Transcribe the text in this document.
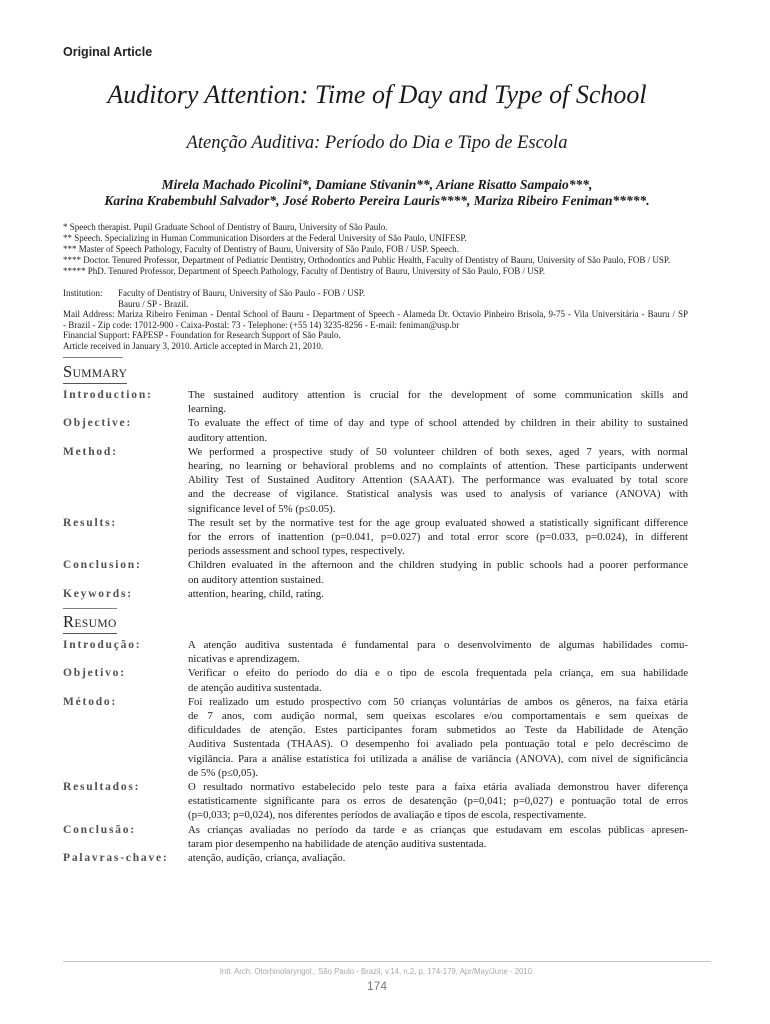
Original Article
Auditory Attention: Time of Day and Type of School
Atenção Auditiva: Período do Dia e Tipo de Escola
Mirela Machado Picolini*, Damiane Stivanin**, Ariane Risatto Sampaio***,
Karina Krabembuhl Salvador*, José Roberto Pereira Lauris****, Mariza Ribeiro Feniman*****.
* Speech therapist. Pupil Graduate School of Dentistry of Bauru, University of São Paulo.
** Speech. Specializing in Human Communication Disorders at the Federal University of São Paulo, UNIFESP.
*** Master of Speech Pathology, Faculty of Dentistry of Bauru, University of São Paulo, FOB / USP. Speech.
**** Doctor. Tenured Professor, Department of Pediatric Dentistry, Orthodontics and Public Health, Faculty of Dentistry of Bauru, University of São Paulo, FOB / USP.
***** PhD. Tenured Professor, Department of Speech Pathology, Faculty of Dentistry of Bauru, University of São Paulo, FOB / USP.
Institution:	Faculty of Dentistry of Bauru, University of São Paulo - FOB / USP.
Bauru / SP - Brazil.
Mail Address: Mariza Ribeiro Feniman - Dental School of Bauru - Department of Speech - Alameda Dr. Octavio Pinheiro Brisola, 9-75 - Vila Universitária - Bauru / SP
- Brazil - Zip code: 17012-900 - Caixa-Postal: 73 - Telephone: (+55 14) 3235-8256 - E-mail: feniman@usp.br
Financial Support: FAPESP - Foundation for Research Support of São Paulo.
Article received in January 3, 2010. Article accepted in March 21, 2010.
SUMMARY
Introduction:	The sustained auditory attention is crucial for the development of some communication skills and
learning.
Objective:	To evaluate the effect of time of day and type of school attended by children in their ability to sustained
auditory attention.
Method:	We performed a prospective study of 50 volunteer children of both sexes, aged 7 years, with normal
hearing, no learning or behavioral problems and no complaints of attention. These participants underwent
Ability Test of Sustained Auditory Attention (SAAAT). The performance was evaluated by total score
and the decrease of vigilance. Statistical analysis was used to analysis of variance (ANOVA) with
significance level of 5% (p≤0.05).
Results:	The result set by the normative test for the age group evaluated showed a statistically significant difference
for the errors of inattention (p=0.041, p=0.027) and total error score (p=0.033, p=0.024), in different
periods assessment and school types, respectively.
Conclusion:	Children evaluated in the afternoon and the children studying in public schools had a poorer performance
on auditory attention sustained.
Keywords:	attention, hearing, child, rating.
RESUMO
Introdução:	A atenção auditiva sustentada é fundamental para o desenvolvimento de algumas habilidades comu-
nicativas e aprendizagem.
Objetivo:	Verificar o efeito do período do dia e o tipo de escola frequentada pela criança, em sua habilidade
de atenção auditiva sustentada.
Método:	Foi realizado um estudo prospectivo com 50 crianças voluntárias de ambos os gêneros, na faixa etária
de 7 anos, com audição normal, sem queixas escolares e/ou comportamentais e sem queixas de
dificuldades de atenção. Estes participantes foram submetidos ao Teste da Habilidade de Atenção
Auditiva Sustentada (THAAS). O desempenho foi avaliado pela pontuação total e pelo decréscimo de
vigilância. Para a análise estatística foi utilizada a análise de variância (ANOVA), com nível de significância
de 5% (p≤0,05).
Resultados:	O resultado normativo estabelecido pelo teste para a faixa etária avaliada demonstrou haver diferença
estatisticamente significante para os erros de desatenção (p=0,041; p=0,027) e pontuação total de erros
(p=0,033; p=0,024), nos diferentes períodos de avaliação e tipos de escola, respectivamente.
Conclusão:	As crianças avaliadas no período da tarde e as crianças que estudavam em escolas públicas apresen-
taram pior desempenho na habilidade de atenção auditiva sustentada.
Palavras-chave:	atenção, audição, criança, avaliação.
Intl. Arch. Otorhinolaryngol., São Paulo - Brazil, v.14, n.2, p. 174-179, Apr/May/June - 2010.
174
